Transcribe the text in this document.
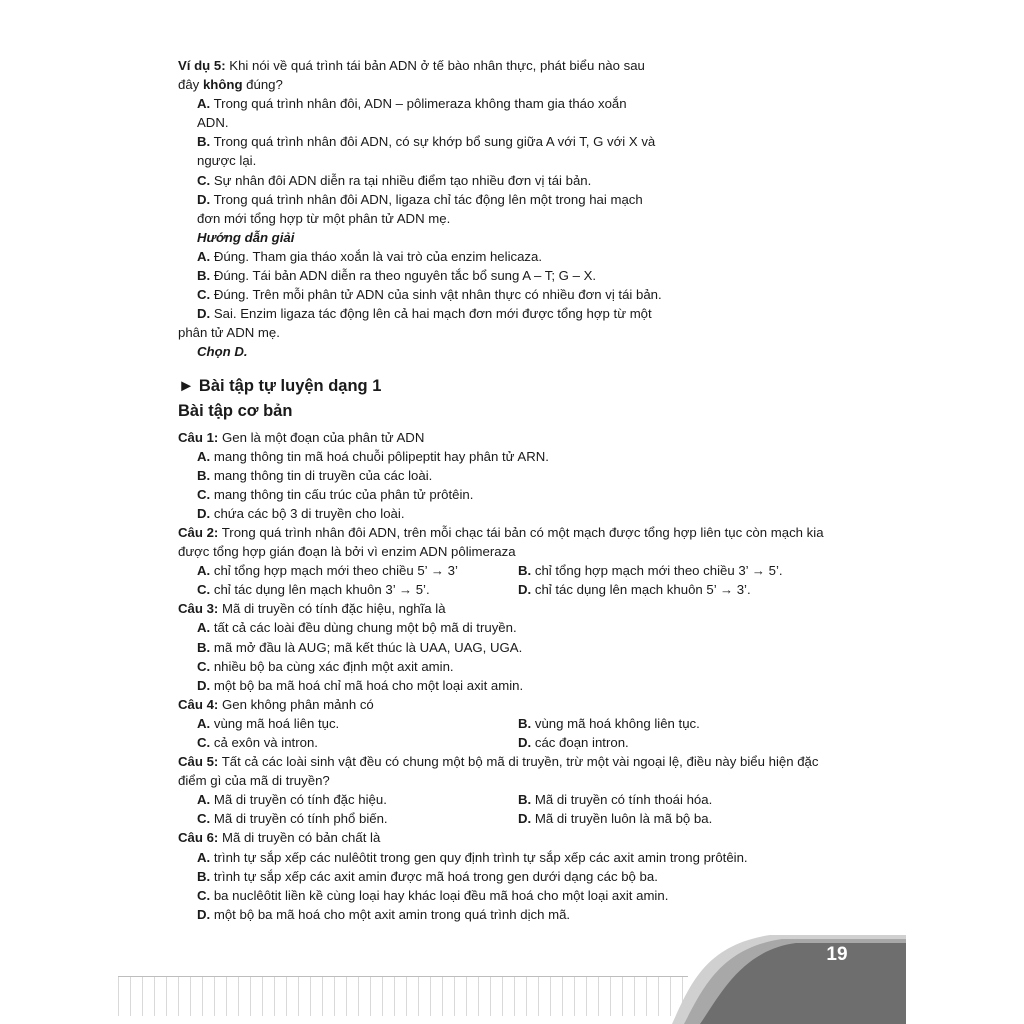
Ví dụ 5: Khi nói về quá trình tái bản ADN ở tế bào nhân thực, phát biểu nào sau
đây không đúng?
A. Trong quá trình nhân đôi, ADN – pôlimeraza không tham gia tháo xoắn
ADN.
B. Trong quá trình nhân đôi ADN, có sự khớp bổ sung giữa A với T, G với X và
ngược lại.
C. Sự nhân đôi ADN diễn ra tại nhiều điểm tạo nhiều đơn vị tái bản.
D. Trong quá trình nhân đôi ADN, ligaza chỉ tác động lên một trong hai mạch
đơn mới tổng hợp từ một phân tử ADN mẹ.
Hướng dẫn giải
A. Đúng. Tham gia tháo xoắn là vai trò của enzim helicaza.
B. Đúng. Tái bản ADN diễn ra theo nguyên tắc bổ sung A – T; G – X.
C. Đúng. Trên mỗi phân tử ADN của sinh vật nhân thực có nhiều đơn vị tái bản.
D. Sai. Enzim ligaza tác động lên cả hai mạch đơn mới được tổng hợp từ một
phân tử ADN mẹ.
Chọn D.
► Bài tập tự luyện dạng 1
Bài tập cơ bản
Câu 1: Gen là một đoạn của phân tử ADN
A. mang thông tin mã hoá chuỗi pôlipeptit hay phân tử ARN.
B. mang thông tin di truyền của các loài.
C. mang thông tin cấu trúc của phân tử prôtêin.
D. chứa các bộ 3 di truyền cho loài.
Câu 2: Trong quá trình nhân đôi ADN, trên mỗi chạc tái bản có một mạch được tổng hợp liên tục còn mạch kia
được tổng hợp gián đoạn là bởi vì enzim ADN pôlimeraza
A. chỉ tổng hợp mạch mới theo chiều 5’ → 3’	B. chỉ tổng hợp mạch mới theo chiều 3’ → 5’.
C. chỉ tác dụng lên mạch khuôn 3’ → 5’.	D. chỉ tác dụng lên mạch khuôn 5’ → 3’.
Câu 3: Mã di truyền có tính đặc hiệu, nghĩa là
A. tất cả các loài đều dùng chung một bộ mã di truyền.
B. mã mở đầu là AUG; mã kết thúc là UAA, UAG, UGA.
C. nhiều bộ ba cùng xác định một axit amin.
D. một bộ ba mã hoá chỉ mã hoá cho một loại axit amin.
Câu 4: Gen không phân mảnh có
A. vùng mã hoá liên tục.	B. vùng mã hoá không liên tục.
C. cả exôn và intron.	D. các đoạn intron.
Câu 5: Tất cả các loài sinh vật đều có chung một bộ mã di truyền, trừ một vài ngoại lệ, điều này biểu hiện đặc
điểm gì của mã di truyền?
A. Mã di truyền có tính đặc hiệu.	B. Mã di truyền có tính thoái hóa.
C. Mã di truyền có tính phổ biến.	D. Mã di truyền luôn là mã bộ ba.
Câu 6: Mã di truyền có bản chất là
A. trình tự sắp xếp các nulêôtit trong gen quy định trình tự sắp xếp các axit amin trong prôtêin.
B. trình tự sắp xếp các axit amin được mã hoá trong gen dưới dạng các bộ ba.
C. ba nuclêôtit liền kề cùng loại hay khác loại đều mã hoá cho một loại axit amin.
D. một bộ ba mã hoá cho một axit amin trong quá trình dịch mã.
19
